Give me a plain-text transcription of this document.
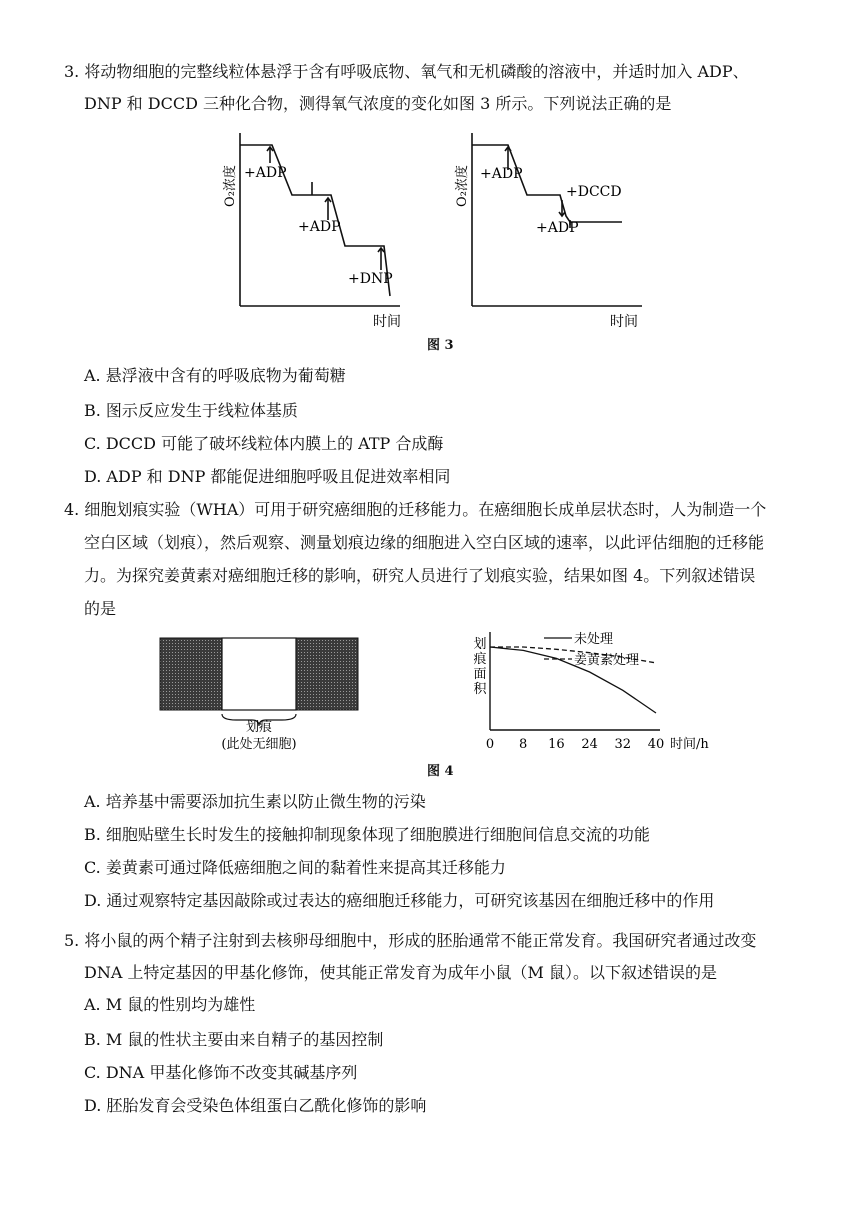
3. 将动物细胞的完整线粒体悬浮于含有呼吸底物、氧气和无机磷酸的溶液中，并适时加入 ADP、
DNP 和 DCCD 三种化合物，测得氧气浓度的变化如图 3 所示。下列说法正确的是
+ADP
+ADP
+DNP
时间
O₂浓度	+ADP
+DCCD
+ADP
时间
O₂浓度
图 3
A. 悬浮液中含有的呼吸底物为葡萄糖
B. 图示反应发生于线粒体基质
C. DCCD 可能了破坏线粒体内膜上的 ATP 合成酶
D. ADP 和 DNP 都能促进细胞呼吸且促进效率相同
4. 细胞划痕实验（WHA）可用于研究癌细胞的迁移能力。在癌细胞长成单层状态时，人为制造一个
空白区域（划痕），然后观察、测量划痕边缘的细胞进入空白区域的速率，以此评估细胞的迁移能
力。为探究姜黄素对癌细胞迁移的影响，研究人员进行了划痕实验，结果如图 4。下列叙述错误
的是
划痕
(此处无细胞)
划痕面积
0 8 16 24 32 40 时间/h
未处理
姜黄素处理
图 4
A. 培养基中需要添加抗生素以防止微生物的污染
B. 细胞贴壁生长时发生的接触抑制现象体现了细胞膜进行细胞间信息交流的功能
C. 姜黄素可通过降低癌细胞之间的黏着性来提高其迁移能力
D. 通过观察特定基因敲除或过表达的癌细胞迁移能力，可研究该基因在细胞迁移中的作用
5. 将小鼠的两个精子注射到去核卵母细胞中，形成的胚胎通常不能正常发育。我国研究者通过改变
DNA 上特定基因的甲基化修饰，使其能正常发育为成年小鼠（M 鼠）。以下叙述错误的是
A. M 鼠的性别均为雄性
B. M 鼠的性状主要由来自精子的基因控制
C. DNA 甲基化修饰不改变其碱基序列
D. 胚胎发育会受染色体组蛋白乙酰化修饰的影响
